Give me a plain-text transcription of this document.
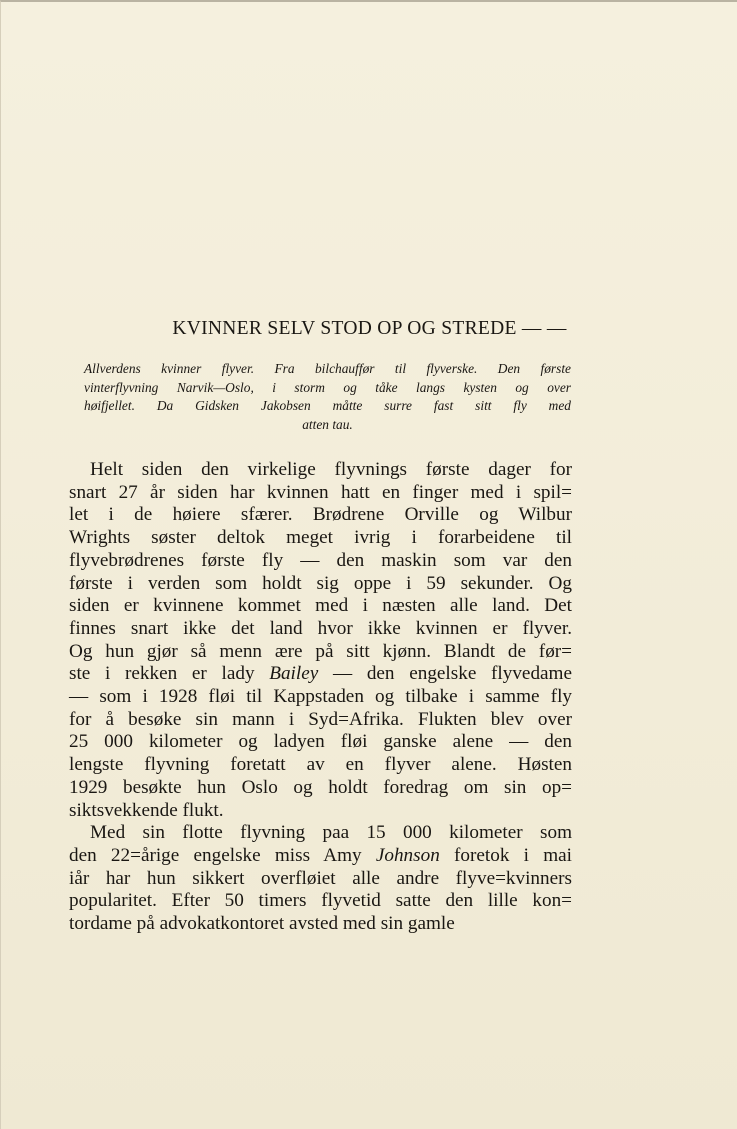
KVINNER SELV STOD OP OG STREDE — —
Allverdens kvinner flyver. Fra bilchauffør til flyverske. Den første
vinterflyvning Narvik—Oslo, i storm og tåke langs kysten og over
høifjellet. Da Gidsken Jakobsen måtte surre fast sitt fly med
atten tau.
Helt siden den virkelige flyvnings første dager for
snart 27 år siden har kvinnen hatt en finger med i spil=
let i de høiere sfærer. Brødrene Orville og Wilbur
Wrights søster deltok meget ivrig i forarbeidene til
flyvebrødrenes første fly — den maskin som var den
første i verden som holdt sig oppe i 59 sekunder. Og
siden er kvinnene kommet med i næsten alle land. Det
finnes snart ikke det land hvor ikke kvinnen er flyver.
Og hun gjør så menn ære på sitt kjønn. Blandt de før=
ste i rekken er lady Bailey — den engelske flyvedame
— som i 1928 fløi til Kappstaden og tilbake i samme fly
for å besøke sin mann i Syd=Afrika. Flukten blev over
25 000 kilometer og ladyen fløi ganske alene — den
lengste flyvning foretatt av en flyver alene. Høsten
1929 besøkte hun Oslo og holdt foredrag om sin op=
siktsvekkende flukt.
Med sin flotte flyvning paa 15 000 kilometer som
den 22=årige engelske miss Amy Johnson foretok i mai
iår har hun sikkert overfløiet alle andre flyve=kvinners
popularitet. Efter 50 timers flyvetid satte den lille kon=
tordame på advokatkontoret avsted med sin gamle
